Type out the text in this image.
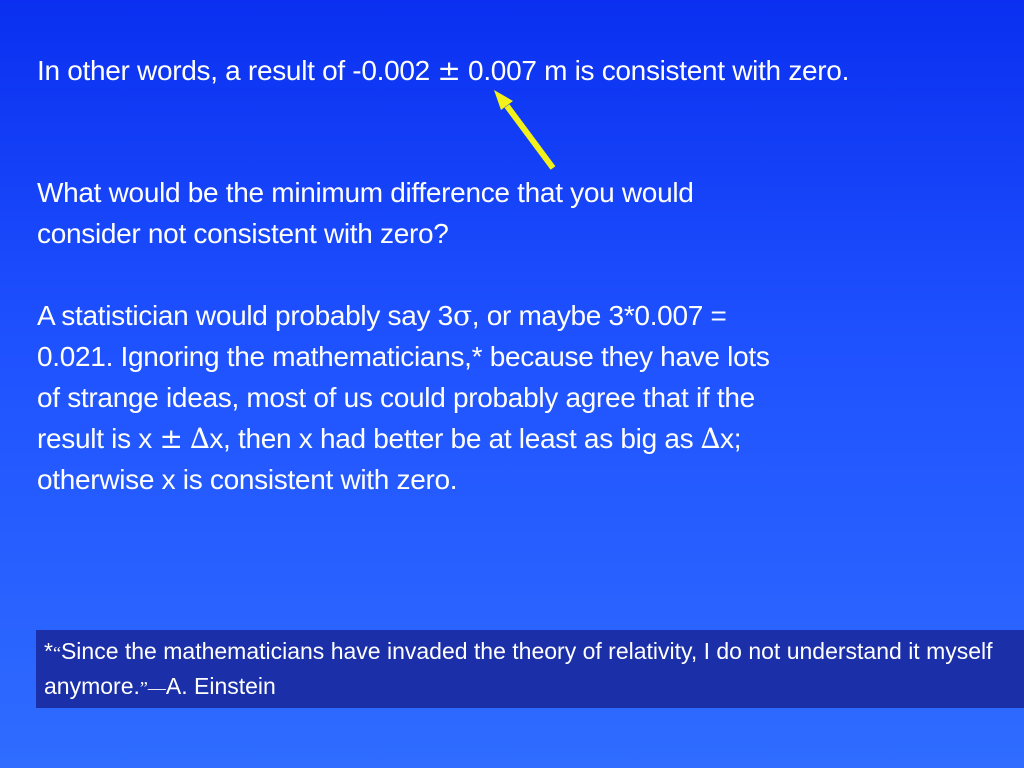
In other words, a result of -0.002 ± 0.007 m is consistent with zero.

What would be the minimum difference that you would
consider not consistent with zero?

A statistician would probably say 3σ, or maybe 3*0.007 =
0.021. Ignoring the mathematicians,* because they have lots
of strange ideas, most of us could probably agree that if the
result is x ± ∆x, then x had better be at least as big as ∆x;
otherwise x is consistent with zero.

*“Since the mathematicians have invaded the theory of relativity, I do not understand it myself anymore.”—A. Einstein
